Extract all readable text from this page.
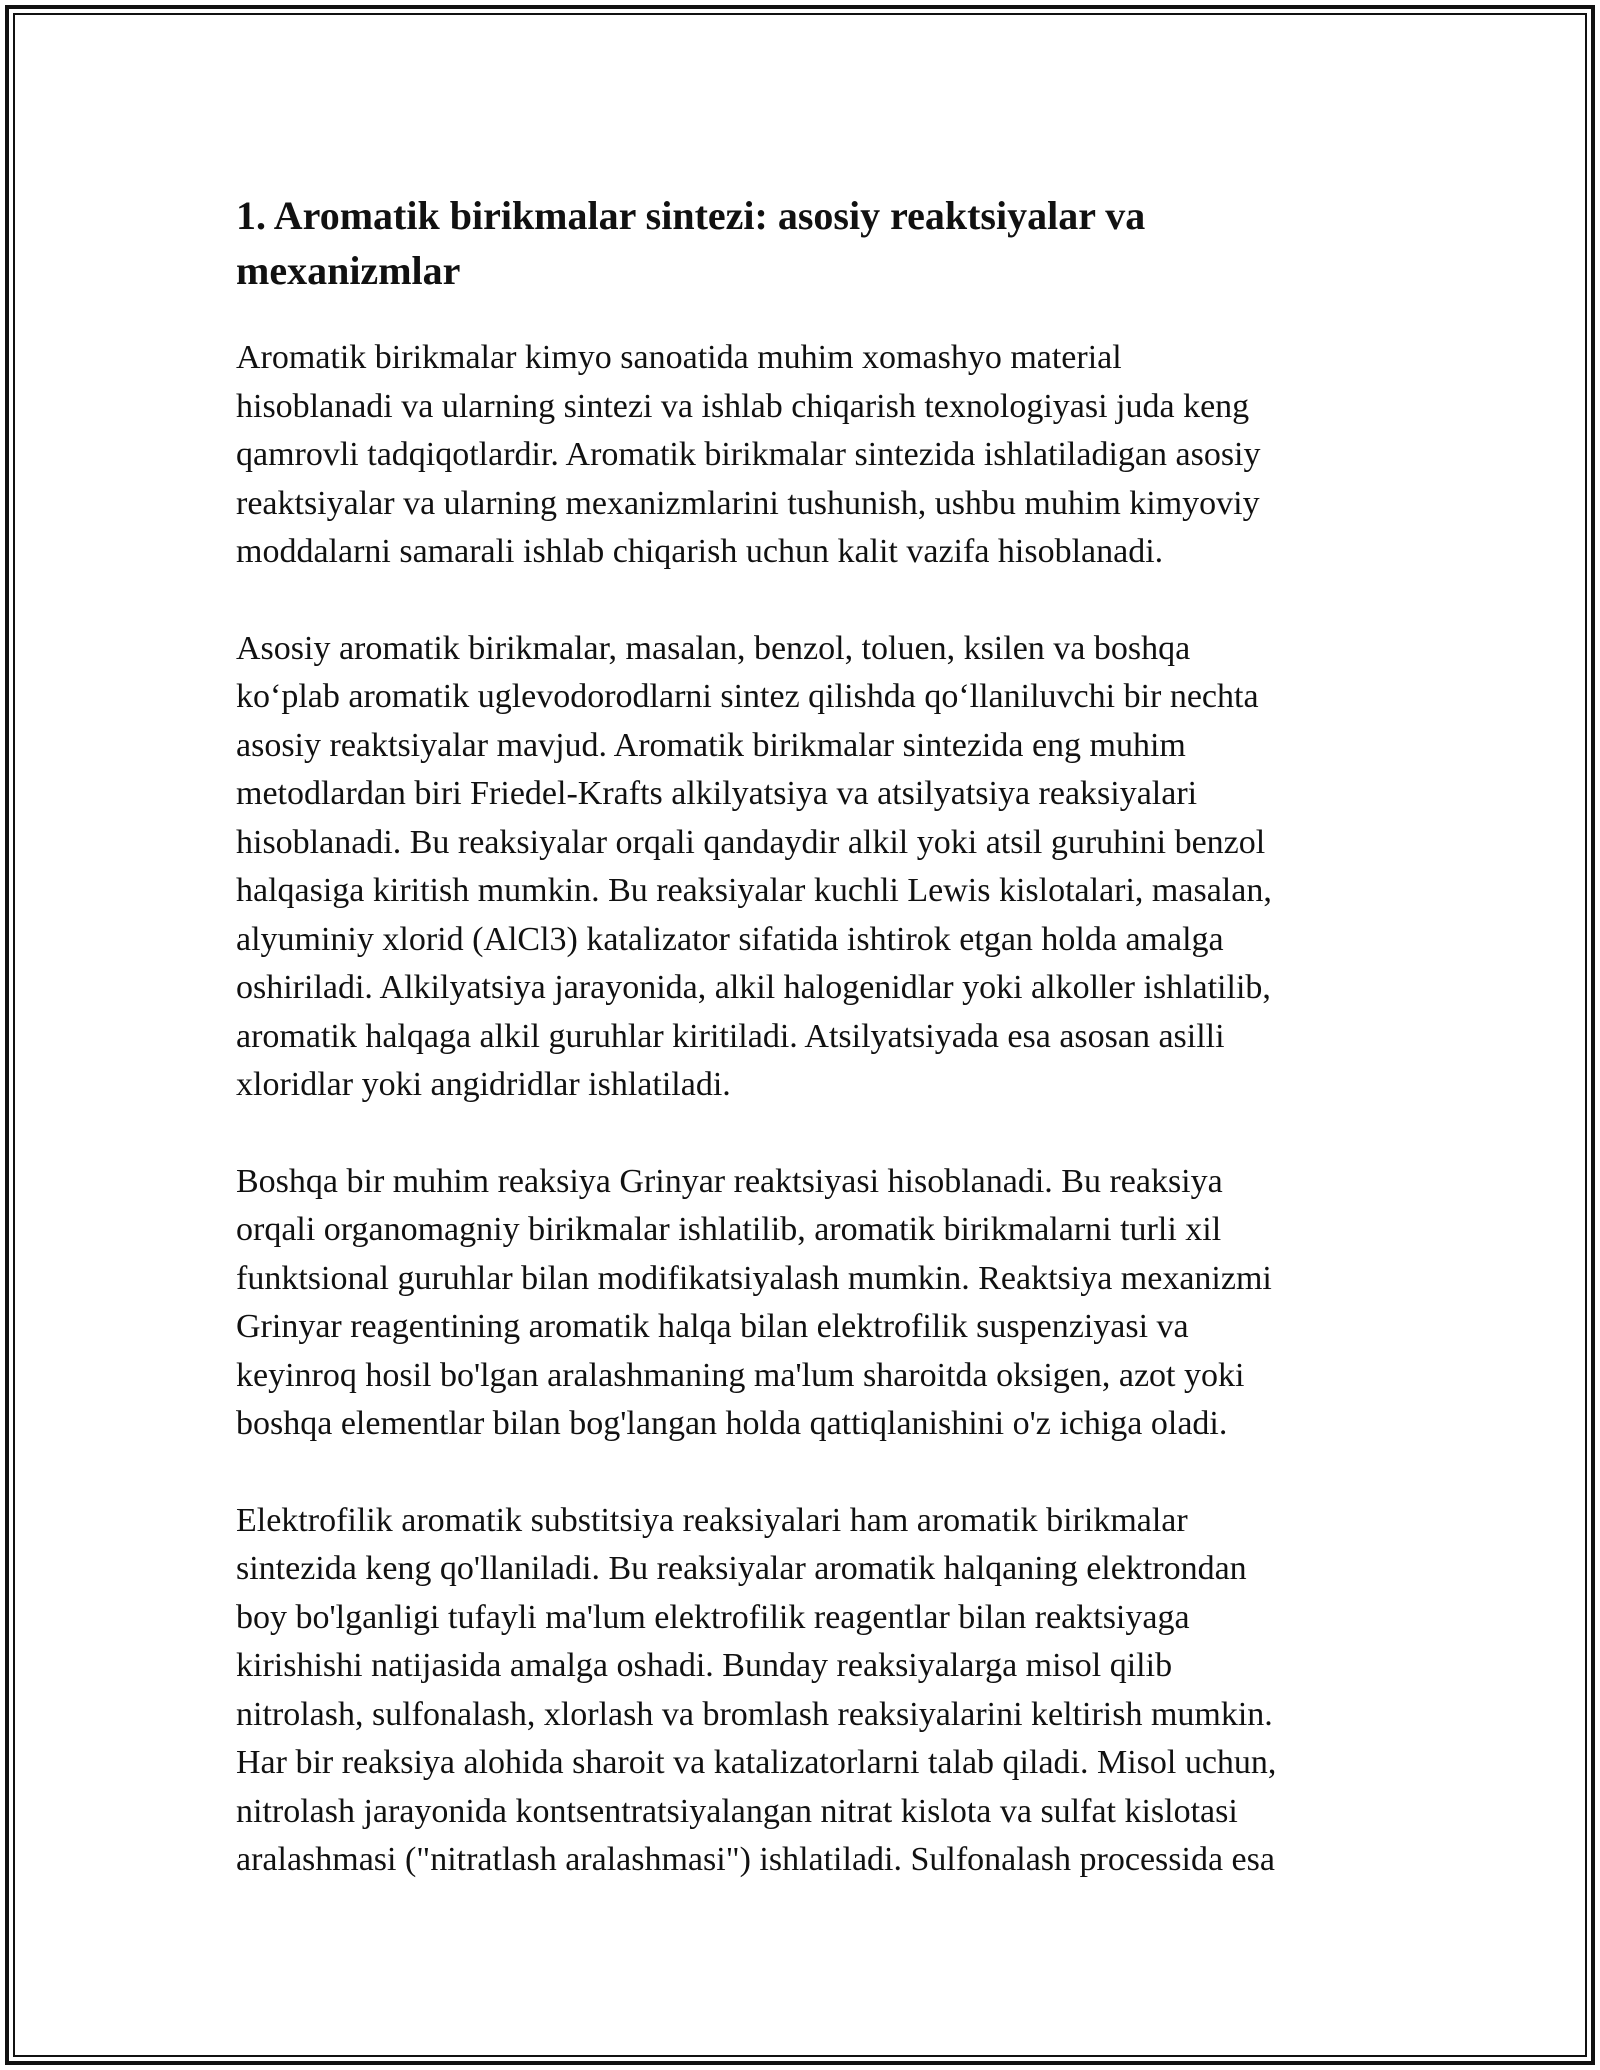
1. Aromatik birikmalar sintezi: asosiy reaktsiyalar va
mexanizmlar

Aromatik birikmalar kimyo sanoatida muhim xomashyo material
hisoblanadi va ularning sintezi va ishlab chiqarish texnologiyasi juda keng
qamrovli tadqiqotlardir. Aromatik birikmalar sintezida ishlatiladigan asosiy
reaktsiyalar va ularning mexanizmlarini tushunish, ushbu muhim kimyoviy
moddalarni samarali ishlab chiqarish uchun kalit vazifa hisoblanadi.

Asosiy aromatik birikmalar, masalan, benzol, toluen, ksilen va boshqa
ko‘plab aromatik uglevodorodlarni sintez qilishda qo‘llaniluvchi bir nechta
asosiy reaktsiyalar mavjud. Aromatik birikmalar sintezida eng muhim
metodlardan biri Friedel-Krafts alkilyatsiya va atsilyatsiya reaksiyalari
hisoblanadi. Bu reaksiyalar orqali qandaydir alkil yoki atsil guruhini benzol
halqasiga kiritish mumkin. Bu reaksiyalar kuchli Lewis kislotalari, masalan,
alyuminiy xlorid (AlCl3) katalizator sifatida ishtirok etgan holda amalga
oshiriladi. Alkilyatsiya jarayonida, alkil halogenidlar yoki alkoller ishlatilib,
aromatik halqaga alkil guruhlar kiritiladi. Atsilyatsiyada esa asosan asilli
xloridlar yoki angidridlar ishlatiladi.

Boshqa bir muhim reaksiya Grinyar reaktsiyasi hisoblanadi. Bu reaksiya
orqali organomagniy birikmalar ishlatilib, aromatik birikmalarni turli xil
funktsional guruhlar bilan modifikatsiyalash mumkin. Reaktsiya mexanizmi
Grinyar reagentining aromatik halqa bilan elektrofilik suspenziyasi va
keyinroq hosil bo'lgan aralashmaning ma'lum sharoitda oksigen, azot yoki
boshqa elementlar bilan bog'langan holda qattiqlanishini o'z ichiga oladi.

Elektrofilik aromatik substitsiya reaksiyalari ham aromatik birikmalar
sintezida keng qo'llaniladi. Bu reaksiyalar aromatik halqaning elektrondan
boy bo'lganligi tufayli ma'lum elektrofilik reagentlar bilan reaktsiyaga
kirishishi natijasida amalga oshadi. Bunday reaksiyalarga misol qilib
nitrolash, sulfonalash, xlorlash va bromlash reaksiyalarini keltirish mumkin.
Har bir reaksiya alohida sharoit va katalizatorlarni talab qiladi. Misol uchun,
nitrolash jarayonida kontsentratsiyalangan nitrat kislota va sulfat kislotasi
aralashmasi ("nitratlash aralashmasi") ishlatiladi. Sulfonalash processida esa
